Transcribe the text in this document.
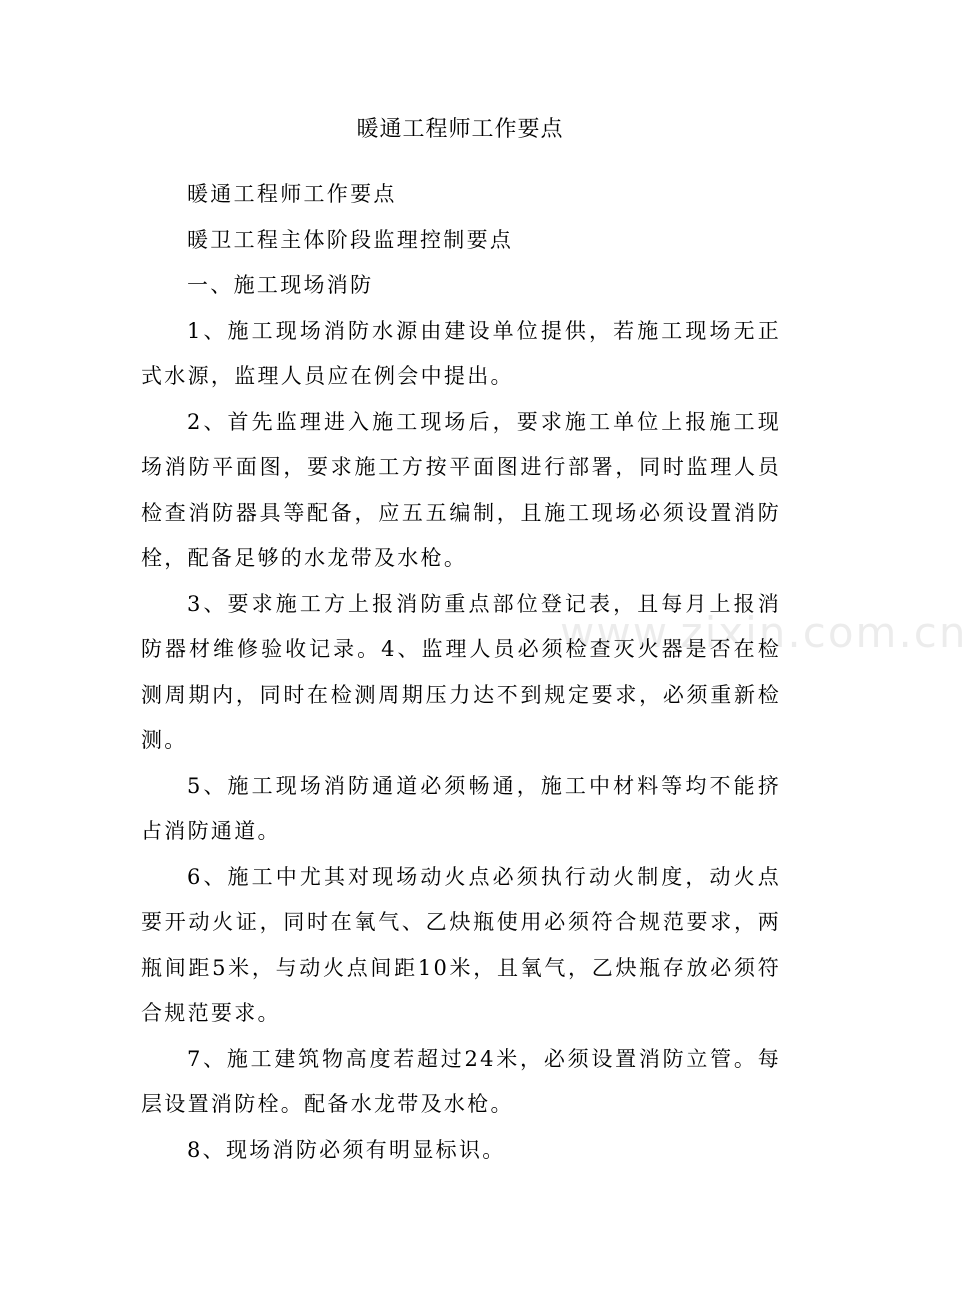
暖通工程师工作要点

暖通工程师工作要点

暖卫工程主体阶段监理控制要点

一、施工现场消防

1、施工现场消防水源由建设单位提供，若施工现场无正式水源，监理人员应在例会中提出。

2、首先监理进入施工现场后，要求施工单位上报施工现场消防平面图，要求施工方按平面图进行部署，同时监理人员检查消防器具等配备，应五五编制，且施工现场必须设置消防栓，配备足够的水龙带及水枪。

3、要求施工方上报消防重点部位登记表，且每月上报消防器材维修验收记录。4、监理人员必须检查灭火器是否在检测周期内，同时在检测周期压力达不到规定要求，必须重新检测。

5、施工现场消防通道必须畅通，施工中材料等均不能挤占消防通道。

6、施工中尤其对现场动火点必须执行动火制度，动火点要开动火证，同时在氧气、乙炔瓶使用必须符合规范要求，两瓶间距5米，与动火点间距10米，且氧气，乙炔瓶存放必须符合规范要求。

7、施工建筑物高度若超过24米，必须设置消防立管。每层设置消防栓。配备水龙带及水枪。

8、现场消防必须有明显标识。

www.zixin.com.cn
